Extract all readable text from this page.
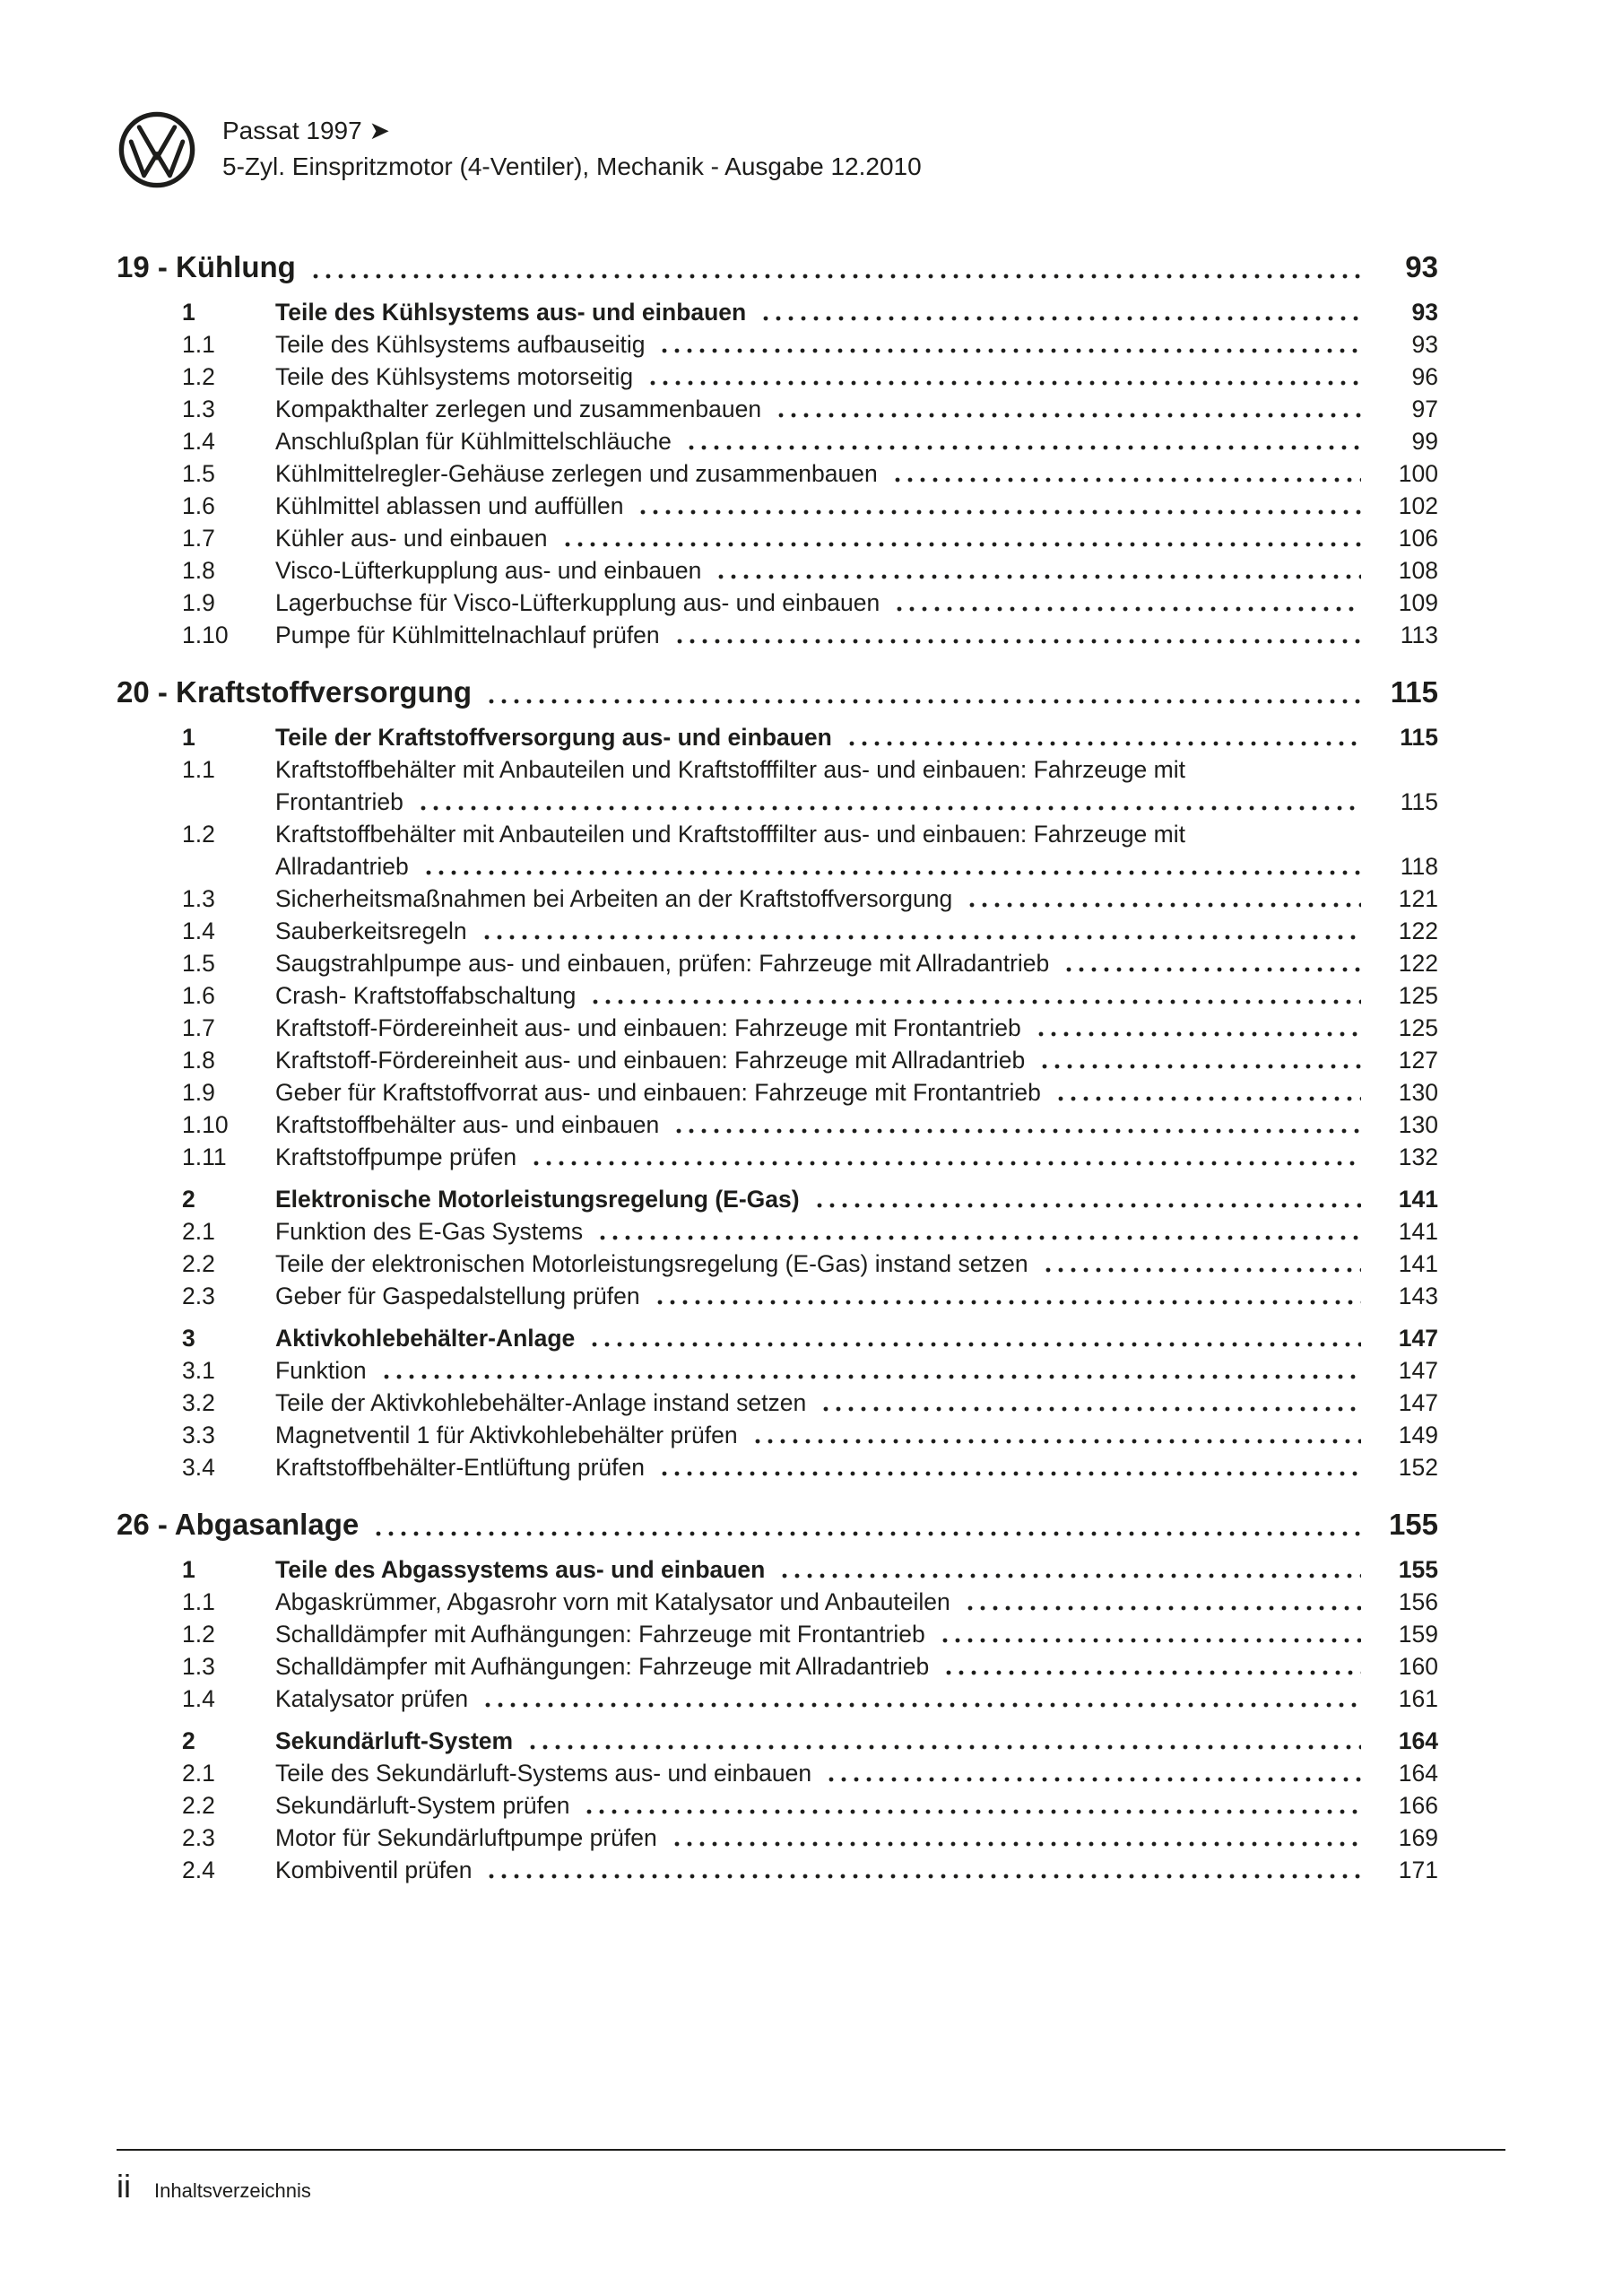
Passat 1997 ➤
5-Zyl. Einspritzmotor (4-Ventiler), Mechanik - Ausgabe 12.2010
19 - Kühlung	93
1	Teile des Kühlsystems aus- und einbauen	93
1.1	Teile des Kühlsystems aufbauseitig	93
1.2	Teile des Kühlsystems motorseitig	96
1.3	Kompakthalter zerlegen und zusammenbauen	97
1.4	Anschlußplan für Kühlmittelschläuche	99
1.5	Kühlmittelregler-Gehäuse zerlegen und zusammenbauen	100
1.6	Kühlmittel ablassen und auffüllen	102
1.7	Kühler aus- und einbauen	106
1.8	Visco-Lüfterkupplung aus- und einbauen	108
1.9	Lagerbuchse für Visco-Lüfterkupplung aus- und einbauen	109
1.10	Pumpe für Kühlmittelnachlauf prüfen	113
20 - Kraftstoffversorgung	115
1	Teile der Kraftstoffversorgung aus- und einbauen	115
1.1	Kraftstoffbehälter mit Anbauteilen und Kraftstofffilter aus- und einbauen: Fahrzeuge mit
Frontantrieb	115
1.2	Kraftstoffbehälter mit Anbauteilen und Kraftstofffilter aus- und einbauen: Fahrzeuge mit
Allradantrieb	118
1.3	Sicherheitsmaßnahmen bei Arbeiten an der Kraftstoffversorgung	121
1.4	Sauberkeitsregeln	122
1.5	Saugstrahlpumpe aus- und einbauen, prüfen: Fahrzeuge mit Allradantrieb	122
1.6	Crash- Kraftstoffabschaltung	125
1.7	Kraftstoff-Fördereinheit aus- und einbauen: Fahrzeuge mit Frontantrieb	125
1.8	Kraftstoff-Fördereinheit aus- und einbauen: Fahrzeuge mit Allradantrieb	127
1.9	Geber für Kraftstoffvorrat aus- und einbauen: Fahrzeuge mit Frontantrieb	130
1.10	Kraftstoffbehälter aus- und einbauen	130
1.11	Kraftstoffpumpe prüfen	132
2	Elektronische Motorleistungsregelung (E-Gas)	141
2.1	Funktion des E-Gas Systems	141
2.2	Teile der elektronischen Motorleistungsregelung (E-Gas) instand setzen	141
2.3	Geber für Gaspedalstellung prüfen	143
3	Aktivkohlebehälter-Anlage	147
3.1	Funktion	147
3.2	Teile der Aktivkohlebehälter-Anlage instand setzen	147
3.3	Magnetventil 1 für Aktivkohlebehälter prüfen	149
3.4	Kraftstoffbehälter-Entlüftung prüfen	152
26 - Abgasanlage	155
1	Teile des Abgassystems aus- und einbauen	155
1.1	Abgaskrümmer, Abgasrohr vorn mit Katalysator und Anbauteilen	156
1.2	Schalldämpfer mit Aufhängungen: Fahrzeuge mit Frontantrieb	159
1.3	Schalldämpfer mit Aufhängungen: Fahrzeuge mit Allradantrieb	160
1.4	Katalysator prüfen	161
2	Sekundärluft-System	164
2.1	Teile des Sekundärluft-Systems aus- und einbauen	164
2.2	Sekundärluft-System prüfen	166
2.3	Motor für Sekundärluftpumpe prüfen	169
2.4	Kombiventil prüfen	171
ii Inhaltsverzeichnis
